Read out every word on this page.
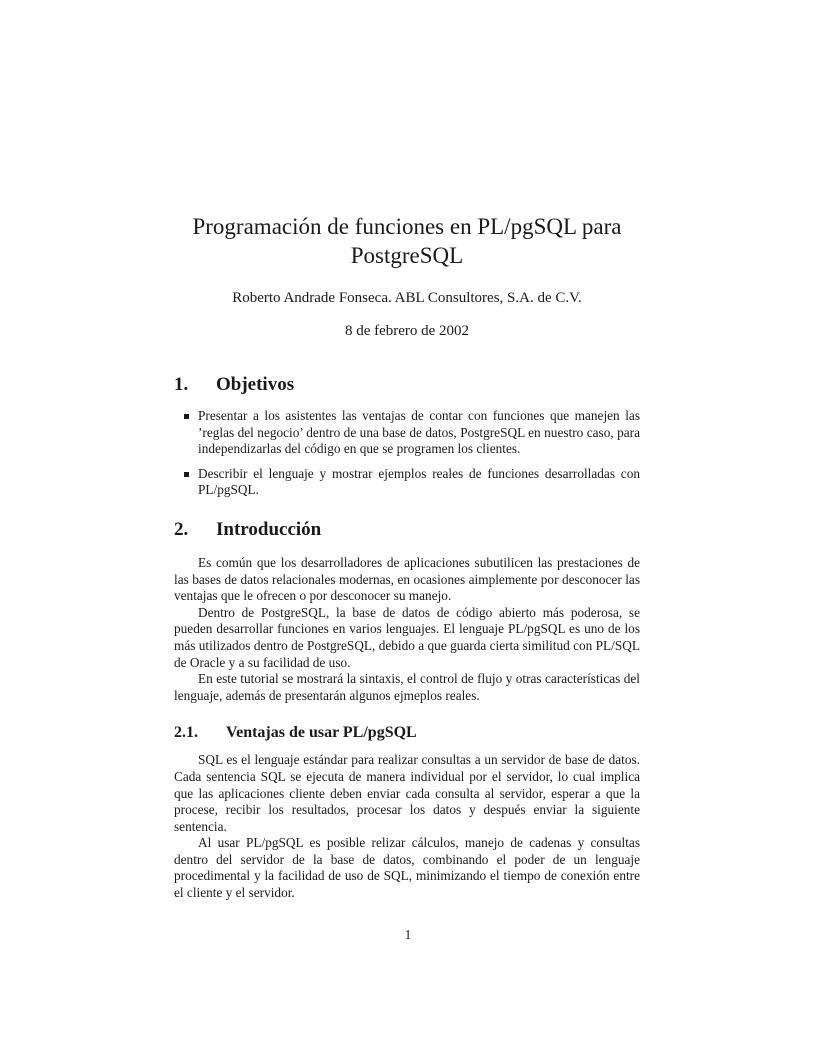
Programación de funciones en PL/pgSQL para PostgreSQL
Roberto Andrade Fonseca. ABL Consultores, S.A. de C.V.
8 de febrero de 2002
1.	Objetivos
Presentar a los asistentes las ventajas de contar con funciones que manejen las ’reglas del negocio’ dentro de una base de datos, PostgreSQL en nuestro caso, para independizarlas del código en que se programen los clientes.
Describir el lenguaje y mostrar ejemplos reales de funciones desarrolladas con PL/pgSQL.
2.	Introducción

Es común que los desarrolladores de aplicaciones subutilicen las prestaciones de las bases de datos relacionales modernas, en ocasiones aimplemente por desconocer las ventajas que le ofrecen o por desconocer su manejo.

Dentro de PostgreSQL, la base de datos de código abierto más poderosa, se pueden desarrollar funciones en varios lenguajes. El lenguaje PL/pgSQL es uno de los más utilizados dentro de PostgreSQL, debido a que guarda cierta similitud con PL/SQL de Oracle y a su facilidad de uso.

En este tutorial se mostrará la sintaxis, el control de flujo y otras características del lenguaje, además de presentarán algunos ejmeplos reales.

2.1.	Ventajas de usar PL/pgSQL

SQL es el lenguaje estándar para realizar consultas a un servidor de base de datos. Cada sentencia SQL se ejecuta de manera individual por el servidor, lo cual implica que las aplicaciones cliente deben enviar cada consulta al servidor, esperar a que la procese, recibir los resultados, procesar los datos y después enviar la siguiente sentencia.

Al usar PL/pgSQL es posible relizar cálculos, manejo de cadenas y consultas dentro del servidor de la base de datos, combinando el poder de un lenguaje procedimental y la facilidad de uso de SQL, minimizando el tiempo de conexión entre el cliente y el servidor.

1
